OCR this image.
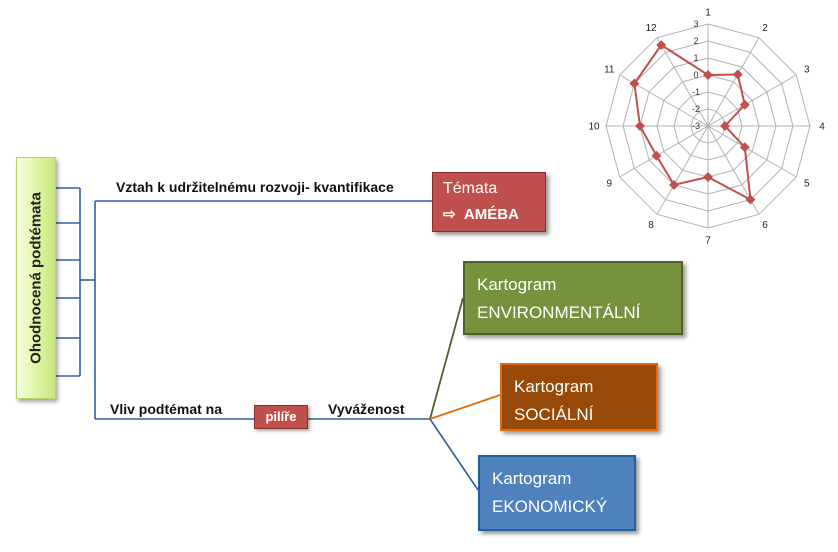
Ohodnocená podtémata
Vztah k udržitelnému rozvoji- kvantifikace
Vliv podtémat na	pilíře	Vyváženost
Témata
⇨ AMÉBA
Kartogram
ENVIRONMENTÁLNÍ
Kartogram
SOCIÁLNÍ
Kartogram
EKONOMICKÝ
1
2
3
4
5
6
7
8
9
10
11
12	3
2
1
0
-1
-2
-3
